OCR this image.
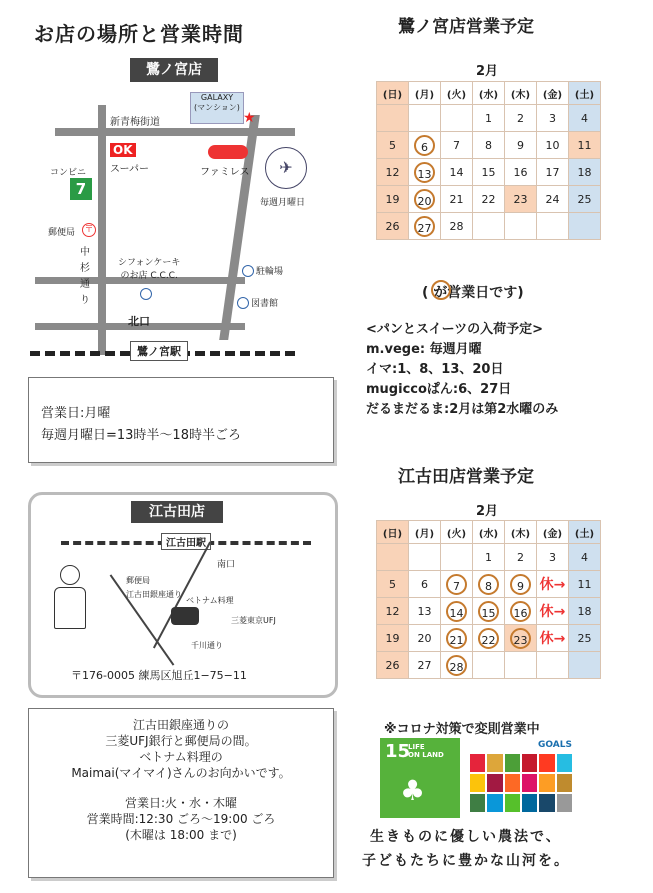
お店の場所と営業時間
鷺ノ宮店
新青梅街道
GALAXY
(マンション)
★
OK
スーパー	ファミレス	✈
毎週月曜日
コンビニ
7
郵便局 〒
中
杉
通
り
シフォンケーキ
のお店 C.C.C.	駐輪場
図書館
北口
鷺ノ宮駅
営業日:月曜
毎週月曜日=13時半〜18時半ごろ
江古田店
江古田駅
南口
郵便局
江古田銀座通り
ベトナム料理
三菱東京UFJ
千川通り
〒176-0005 練馬区旭丘1−75−11
江古田銀座通りの
三菱UFJ銀行と郵便局の間。
ベトナム料理の
Maimai(マイマイ)さんのお向かいです。
営業日:火・水・木曜
営業時間:12:30 ごろ〜19:00 ごろ
(木曜は 18:00 まで)
鷺ノ宮店営業予定
2月
(日)	(月)	(火)	(水)	(木)	(金)	(土)
			1	2	3	4
5	6	7	8	9	10	11
12	13	14	15	16	17	18
19	20	21	22	23	24	25
26	27	28				
( が営業日です)
<パンとスイーツの入荷予定>
m.vege: 毎週月曜
イマ:1、8、13、20日
mugiccoぱん:6、27日
だるまだるま:2月は第2水曜のみ
江古田店営業予定
2月
(日)	(月)	(火)	(水)	(木)	(金)	(土)
			1	2	3	4
5	6	7	8	9	休→	11
12	13	14	15	16	休→	18
19	20	21	22	23	休→	25
26	27	28				
※コロナ対策で変則営業中
15
LIFE
ON LAND
♣
GOALS
生きものに優しい農法で、
子どもたちに豊かな山河を。
